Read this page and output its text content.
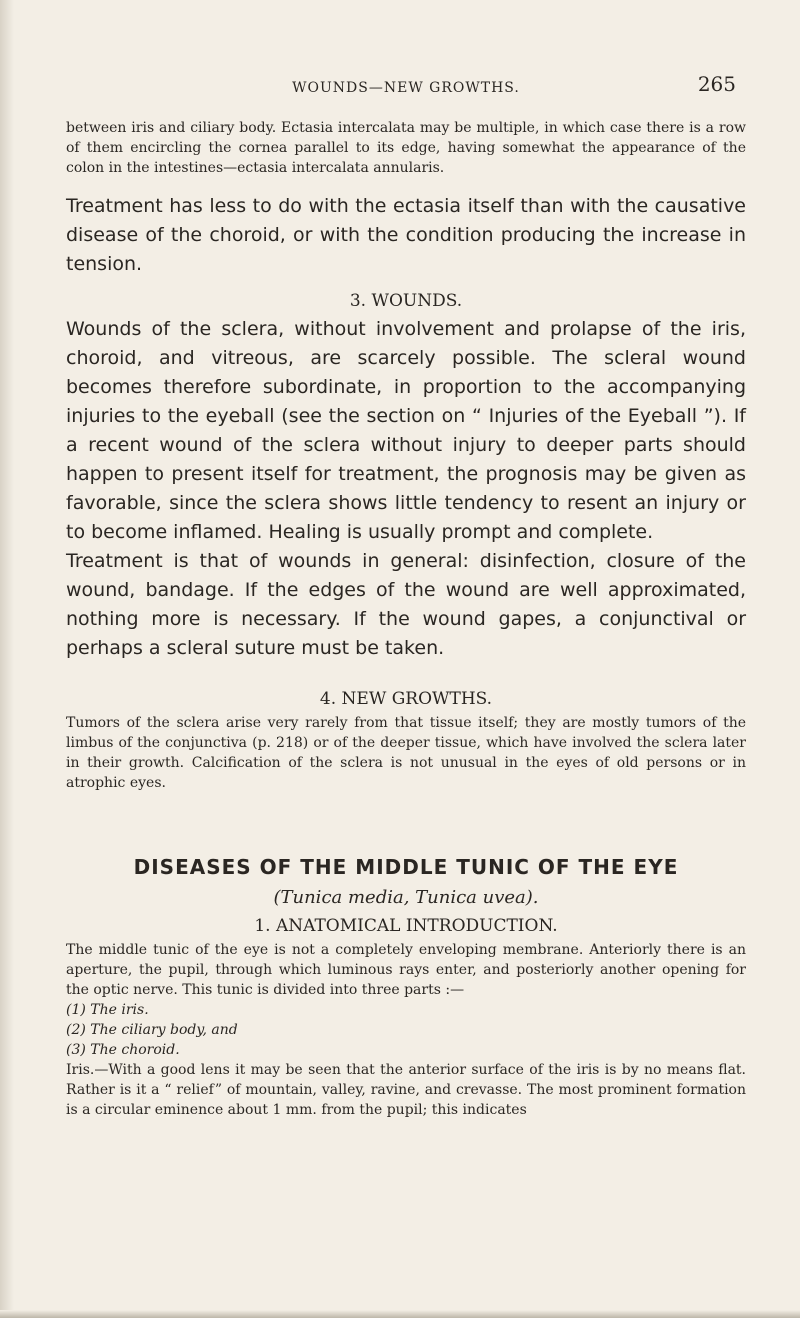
WOUNDS—NEW GROWTHS.	265

between iris and ciliary body. Ectasia intercalata may be multiple, in which case there is a row of them encircling the cornea parallel to its edge, having somewhat the appearance of the colon in the intestines—ectasia intercalata annularis.

Treatment has less to do with the ectasia itself than with the causative disease of the choroid, or with the condition producing the increase in tension.

3. WOUNDS.

Wounds of the sclera, without involvement and prolapse of the iris, choroid, and vitreous, are scarcely possible. The scleral wound becomes therefore subordinate, in proportion to the accompanying injuries to the eyeball (see the section on “ Injuries of the Eyeball ”). If a recent wound of the sclera without injury to deeper parts should happen to present itself for treatment, the prognosis may be given as favorable, since the sclera shows little tendency to resent an injury or to become inflamed. Healing is usually prompt and complete.

Treatment is that of wounds in general: disinfection, closure of the wound, bandage. If the edges of the wound are well approximated, nothing more is necessary. If the wound gapes, a conjunctival or perhaps a scleral suture must be taken.

4. NEW GROWTHS.

Tumors of the sclera arise very rarely from that tissue itself; they are mostly tumors of the limbus of the conjunctiva (p. 218) or of the deeper tissue, which have involved the sclera later in their growth. Calcification of the sclera is not unusual in the eyes of old persons or in atrophic eyes.

DISEASES OF THE MIDDLE TUNIC OF THE EYE
(Tunica media, Tunica uvea).
1. ANATOMICAL INTRODUCTION.

The middle tunic of the eye is not a completely enveloping membrane. Anteriorly there is an aperture, the pupil, through which luminous rays enter, and posteriorly another opening for the optic nerve. This tunic is divided into three parts :—

(1) The iris.

(2) The ciliary body, and

(3) The choroid.

Iris.—With a good lens it may be seen that the anterior surface of the iris is by no means flat. Rather is it a “ relief” of mountain, valley, ravine, and crevasse. The most prominent formation is a circular eminence about 1 mm. from the pupil; this indicates
